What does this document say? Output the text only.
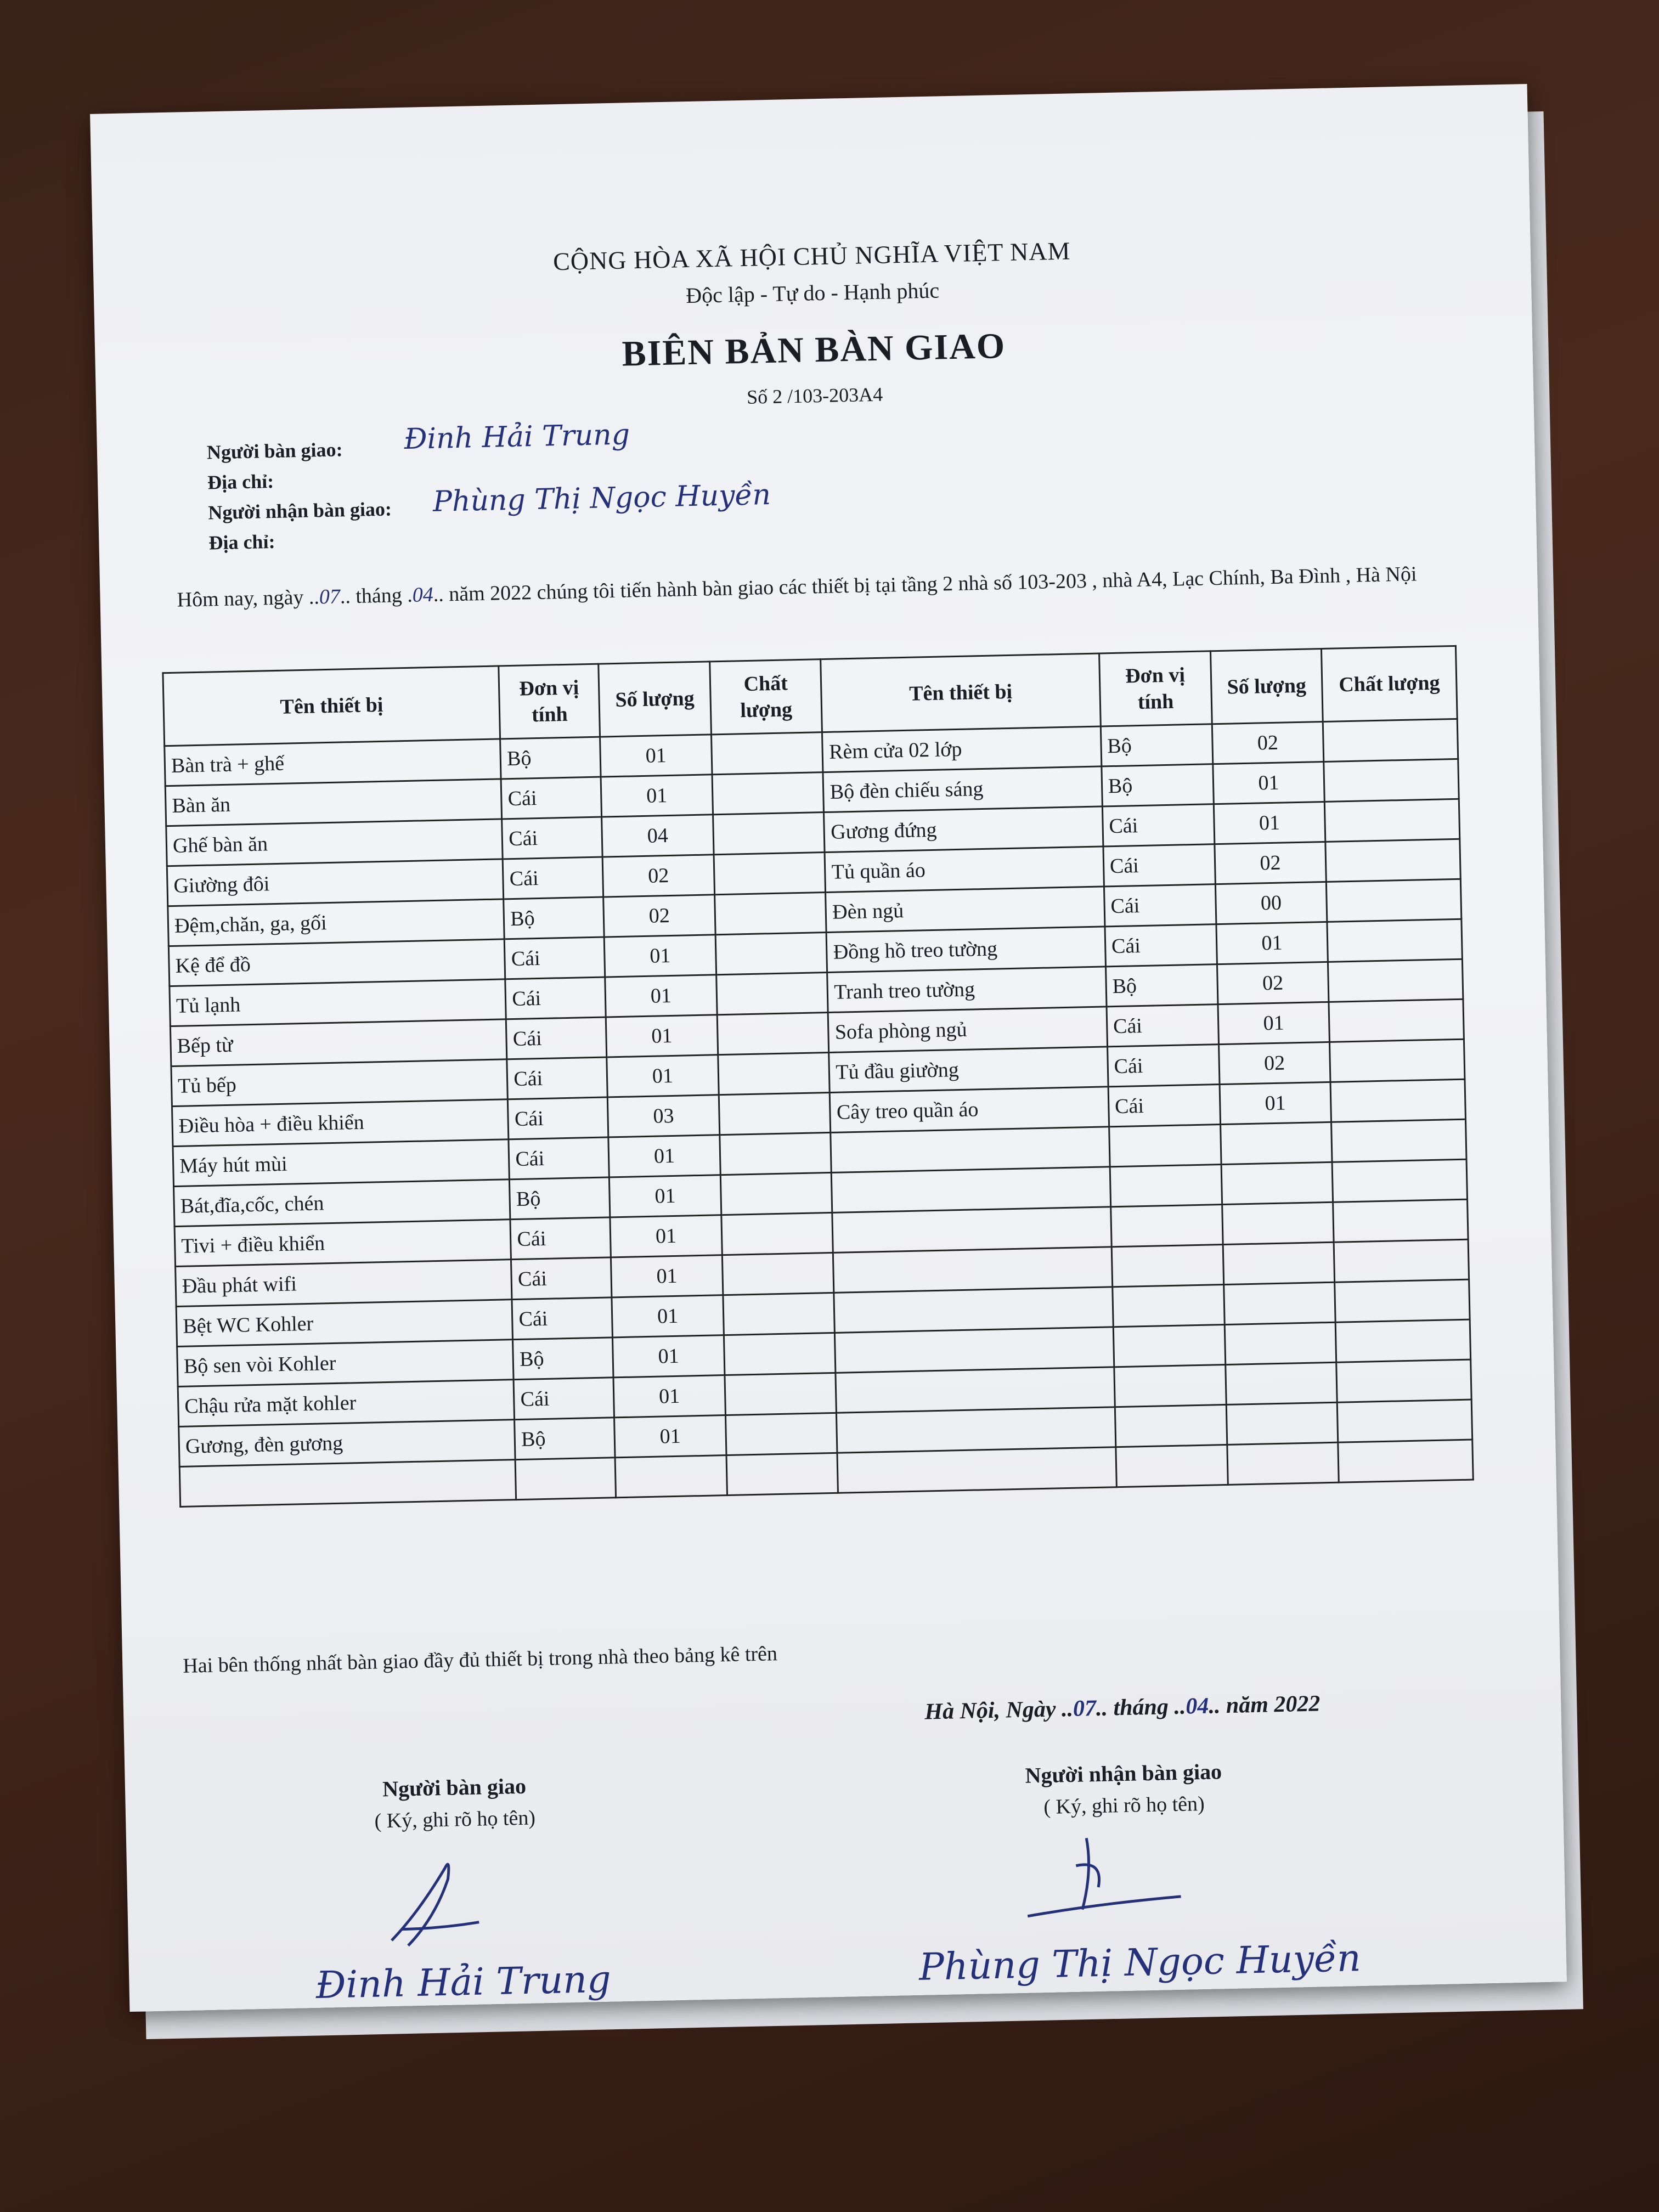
CỘNG HÒA XÃ HỘI CHỦ NGHĨA VIỆT NAM
Độc lập - Tự do - Hạnh phúc
BIÊN BẢN BÀN GIAO
Số 2 /103-203A4
Người bàn giao: Đinh Hải Trung
Địa chỉ:
Người nhận bàn giao: Phùng Thị Ngọc Huyền
Địa chỉ:
Hôm nay, ngày ..07.. tháng .04.. năm 2022 chúng tôi tiến hành bàn giao các thiết bị tại tầng 2 nhà số 103-203 , nhà A4, Lạc Chính, Ba Đình , Hà Nội
Tên thiết bị	Đơn vị tính	Số lượng	Chất lượng	Tên thiết bị	Đơn vị tính	Số lượng	Chất lượng
Bàn trà + ghế	Bộ	01		Rèm cửa 02 lớp	Bộ	02	
Bàn ăn	Cái	01		Bộ đèn chiếu sáng	Bộ	01	
Ghế bàn ăn	Cái	04		Gương đứng	Cái	01	
Giường đôi	Cái	02		Tủ quần áo	Cái	02	
Đệm,chăn, ga, gối	Bộ	02		Đèn ngủ	Cái	00	
Kệ để đồ	Cái	01		Đồng hồ treo tường	Cái	01	
Tủ lạnh	Cái	01		Tranh treo tường	Bộ	02	
Bếp từ	Cái	01		Sofa phòng ngủ	Cái	01	
Tủ bếp	Cái	01		Tủ đầu giường	Cái	02	
Điều hòa + điều khiển	Cái	03		Cây treo quần áo	Cái	01	
Máy hút mùi	Cái	01					
Bát,đĩa,cốc, chén	Bộ	01					
Tivi + điều khiển	Cái	01					
Đầu phát wifi	Cái	01					
Bệt WC Kohler	Cái	01					
Bộ sen vòi Kohler	Bộ	01					
Chậu rửa mặt kohler	Cái	01					
Gương, đèn gương	Bộ	01					

Hai bên thống nhất bàn giao đầy đủ thiết bị trong nhà theo bảng kê trên
Hà Nội, Ngày ..07.. tháng ..04.. năm 2022
Người bàn giao
( Ký, ghi rõ họ tên)
Đinh Hải Trung
Người nhận bàn giao
( Ký, ghi rõ họ tên)
Phùng Thị Ngọc Huyền
